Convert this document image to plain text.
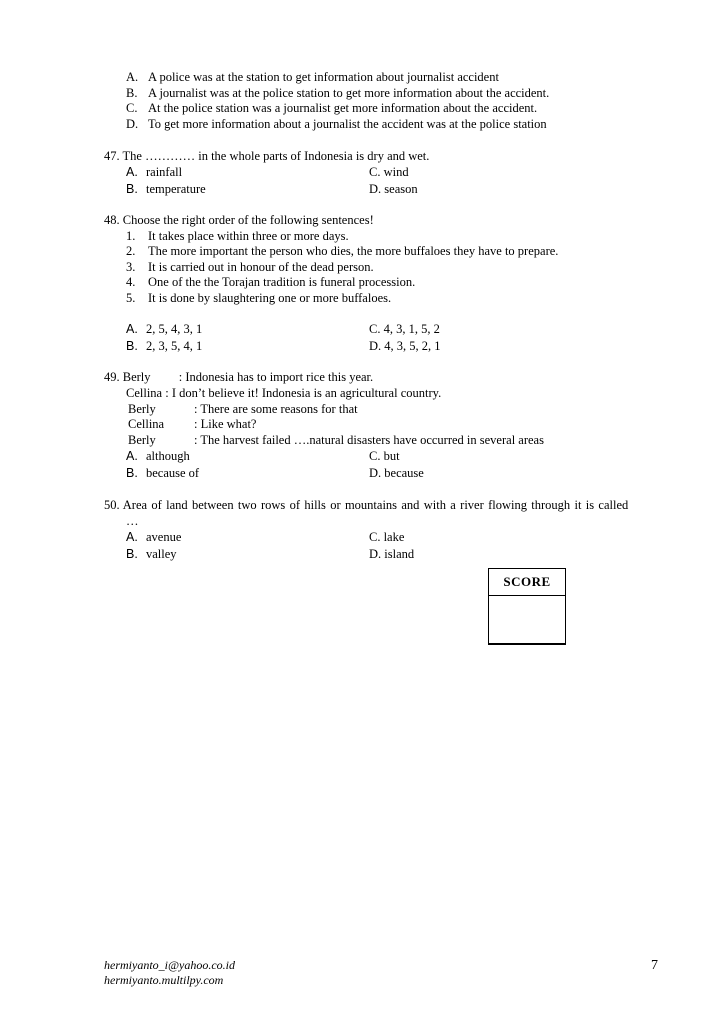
A. A police was at the station to get information about journalist accident
B. A journalist was at the police station to get more information about the accident.
C. At the police station was a journalist get more information about the accident.
D. To get more information about a journalist the accident was at the police station
47. The ………… in the whole parts of Indonesia is dry and wet.
A. rainfall	C. wind
B. temperature	D. season
48. Choose the right order of the following sentences!
1. It takes place within three or more days.
2. The more important the person who dies, the more buffaloes they have to prepare.
3. It is carried out in honour of the dead person.
4. One of the the Torajan tradition is funeral procession.
5. It is done by slaughtering one or more buffaloes.
A. 2, 5, 4, 3, 1	C. 4, 3, 1, 5, 2
B. 2, 3, 5, 4, 1	D. 4, 3, 5, 2, 1
49. Berly : Indonesia has to import rice this year.
Cellina : I don’t believe it! Indonesia is an agricultural country.
Berly	: There are some reasons for that
Cellina : Like what?
Berly	: The harvest failed ….natural disasters have occurred in several areas
A. although	C. but
B. because of	D. because
50. Area of land between two rows of hills or mountains and with a river flowing through it is called
…
A. avenue	C. lake
B. valley	D. island
SCORE
hermiyanto_i@yahoo.co.id
hermiyanto.multilpy.com
7
